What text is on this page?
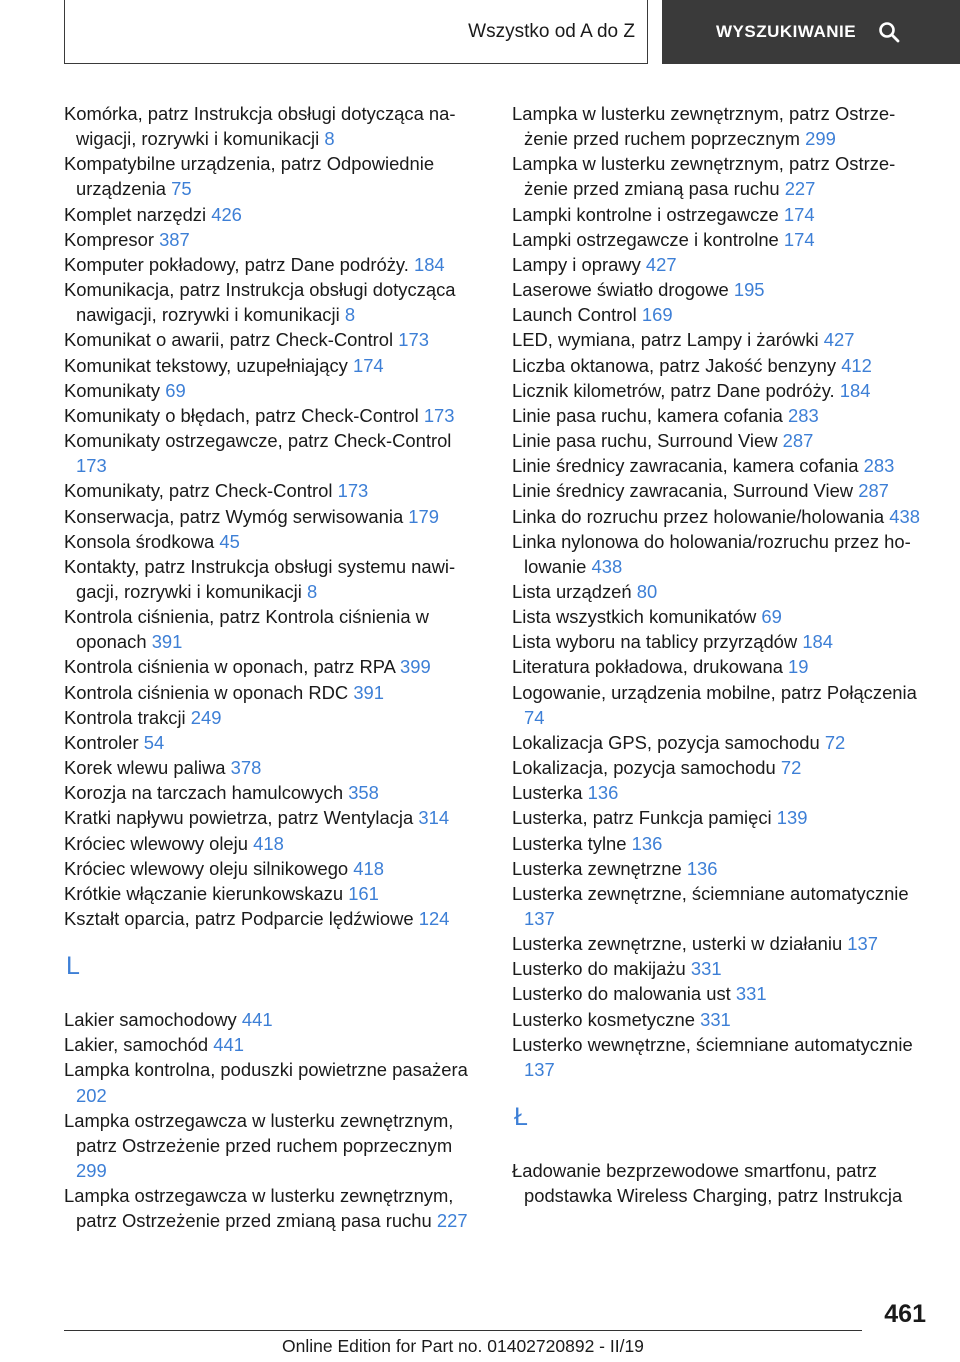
Wszystko od A do Z	WYSZUKIWANIE

Komórka, patrz Instrukcja obsługi dotycząca nawigacji, rozrywki i komunikacji 8

Kompatybilne urządzenia, patrz Odpowiednie urządzenia 75

Komplet narzędzi 426

Kompresor 387

Komputer pokładowy, patrz Dane podróży. 184

Komunikacja, patrz Instrukcja obsługi dotycząca nawigacji, rozrywki i komunikacji 8

Komunikat o awarii, patrz Check-Control 173

Komunikat tekstowy, uzupełniający 174

Komunikaty 69

Komunikaty o błędach, patrz Check-Control 173

Komunikaty ostrzegawcze, patrz Check-Control 173

Komunikaty, patrz Check-Control 173

Konserwacja, patrz Wymóg serwisowania 179

Konsola środkowa 45

Kontakty, patrz Instrukcja obsługi systemu nawigacji, rozrywki i komunikacji 8

Kontrola ciśnienia, patrz Kontrola ciśnienia w oponach 391

Kontrola ciśnienia w oponach, patrz RPA 399

Kontrola ciśnienia w oponach RDC 391

Kontrola trakcji 249

Kontroler 54

Korek wlewu paliwa 378

Korozja na tarczach hamulcowych 358

Kratki napływu powietrza, patrz Wentylacja 314

Króciec wlewowy oleju 418

Króciec wlewowy oleju silnikowego 418

Krótkie włączanie kierunkowskazu 161

Kształt oparcia, patrz Podparcie lędźwiowe 124

L

Lakier samochodowy 441

Lakier, samochód 441

Lampka kontrolna, poduszki powietrzne pasażera 202

Lampka ostrzegawcza w lusterku zewnętrznym, patrz Ostrzeżenie przed ruchem poprzecznym 299

Lampka ostrzegawcza w lusterku zewnętrznym, patrz Ostrzeżenie przed zmianą pasa ruchu 227

Lampka w lusterku zewnętrznym, patrz Ostrzeżenie przed ruchem poprzecznym 299

Lampka w lusterku zewnętrznym, patrz Ostrzeżenie przed zmianą pasa ruchu 227

Lampki kontrolne i ostrzegawcze 174

Lampki ostrzegawcze i kontrolne 174

Lampy i oprawy 427

Laserowe światło drogowe 195

Launch Control 169

LED, wymiana, patrz Lampy i żarówki 427

Liczba oktanowa, patrz Jakość benzyny 412

Licznik kilometrów, patrz Dane podróży. 184

Linie pasa ruchu, kamera cofania 283

Linie pasa ruchu, Surround View 287

Linie średnicy zawracania, kamera cofania 283

Linie średnicy zawracania, Surround View 287

Linka do rozruchu przez holowanie/holowania 438

Linka nylonowa do holowania/rozruchu przez holowanie 438

Lista urządzeń 80

Lista wszystkich komunikatów 69

Lista wyboru na tablicy przyrządów 184

Literatura pokładowa, drukowana 19

Logowanie, urządzenia mobilne, patrz Połączenia 74

Lokalizacja GPS, pozycja samochodu 72

Lokalizacja, pozycja samochodu 72

Lusterka 136

Lusterka, patrz Funkcja pamięci 139

Lusterka tylne 136

Lusterka zewnętrzne 136

Lusterka zewnętrzne, ściemniane automatycznie 137

Lusterka zewnętrzne, usterki w działaniu 137

Lusterko do makijażu 331

Lusterko do malowania ust 331

Lusterko kosmetyczne 331

Lusterko wewnętrzne, ściemniane automatycznie 137

Ł

Ładowanie bezprzewodowe smartfonu, patrz podstawka Wireless Charging, patrz Instrukcja

461
Online Edition for Part no. 01402720892 - II/19
